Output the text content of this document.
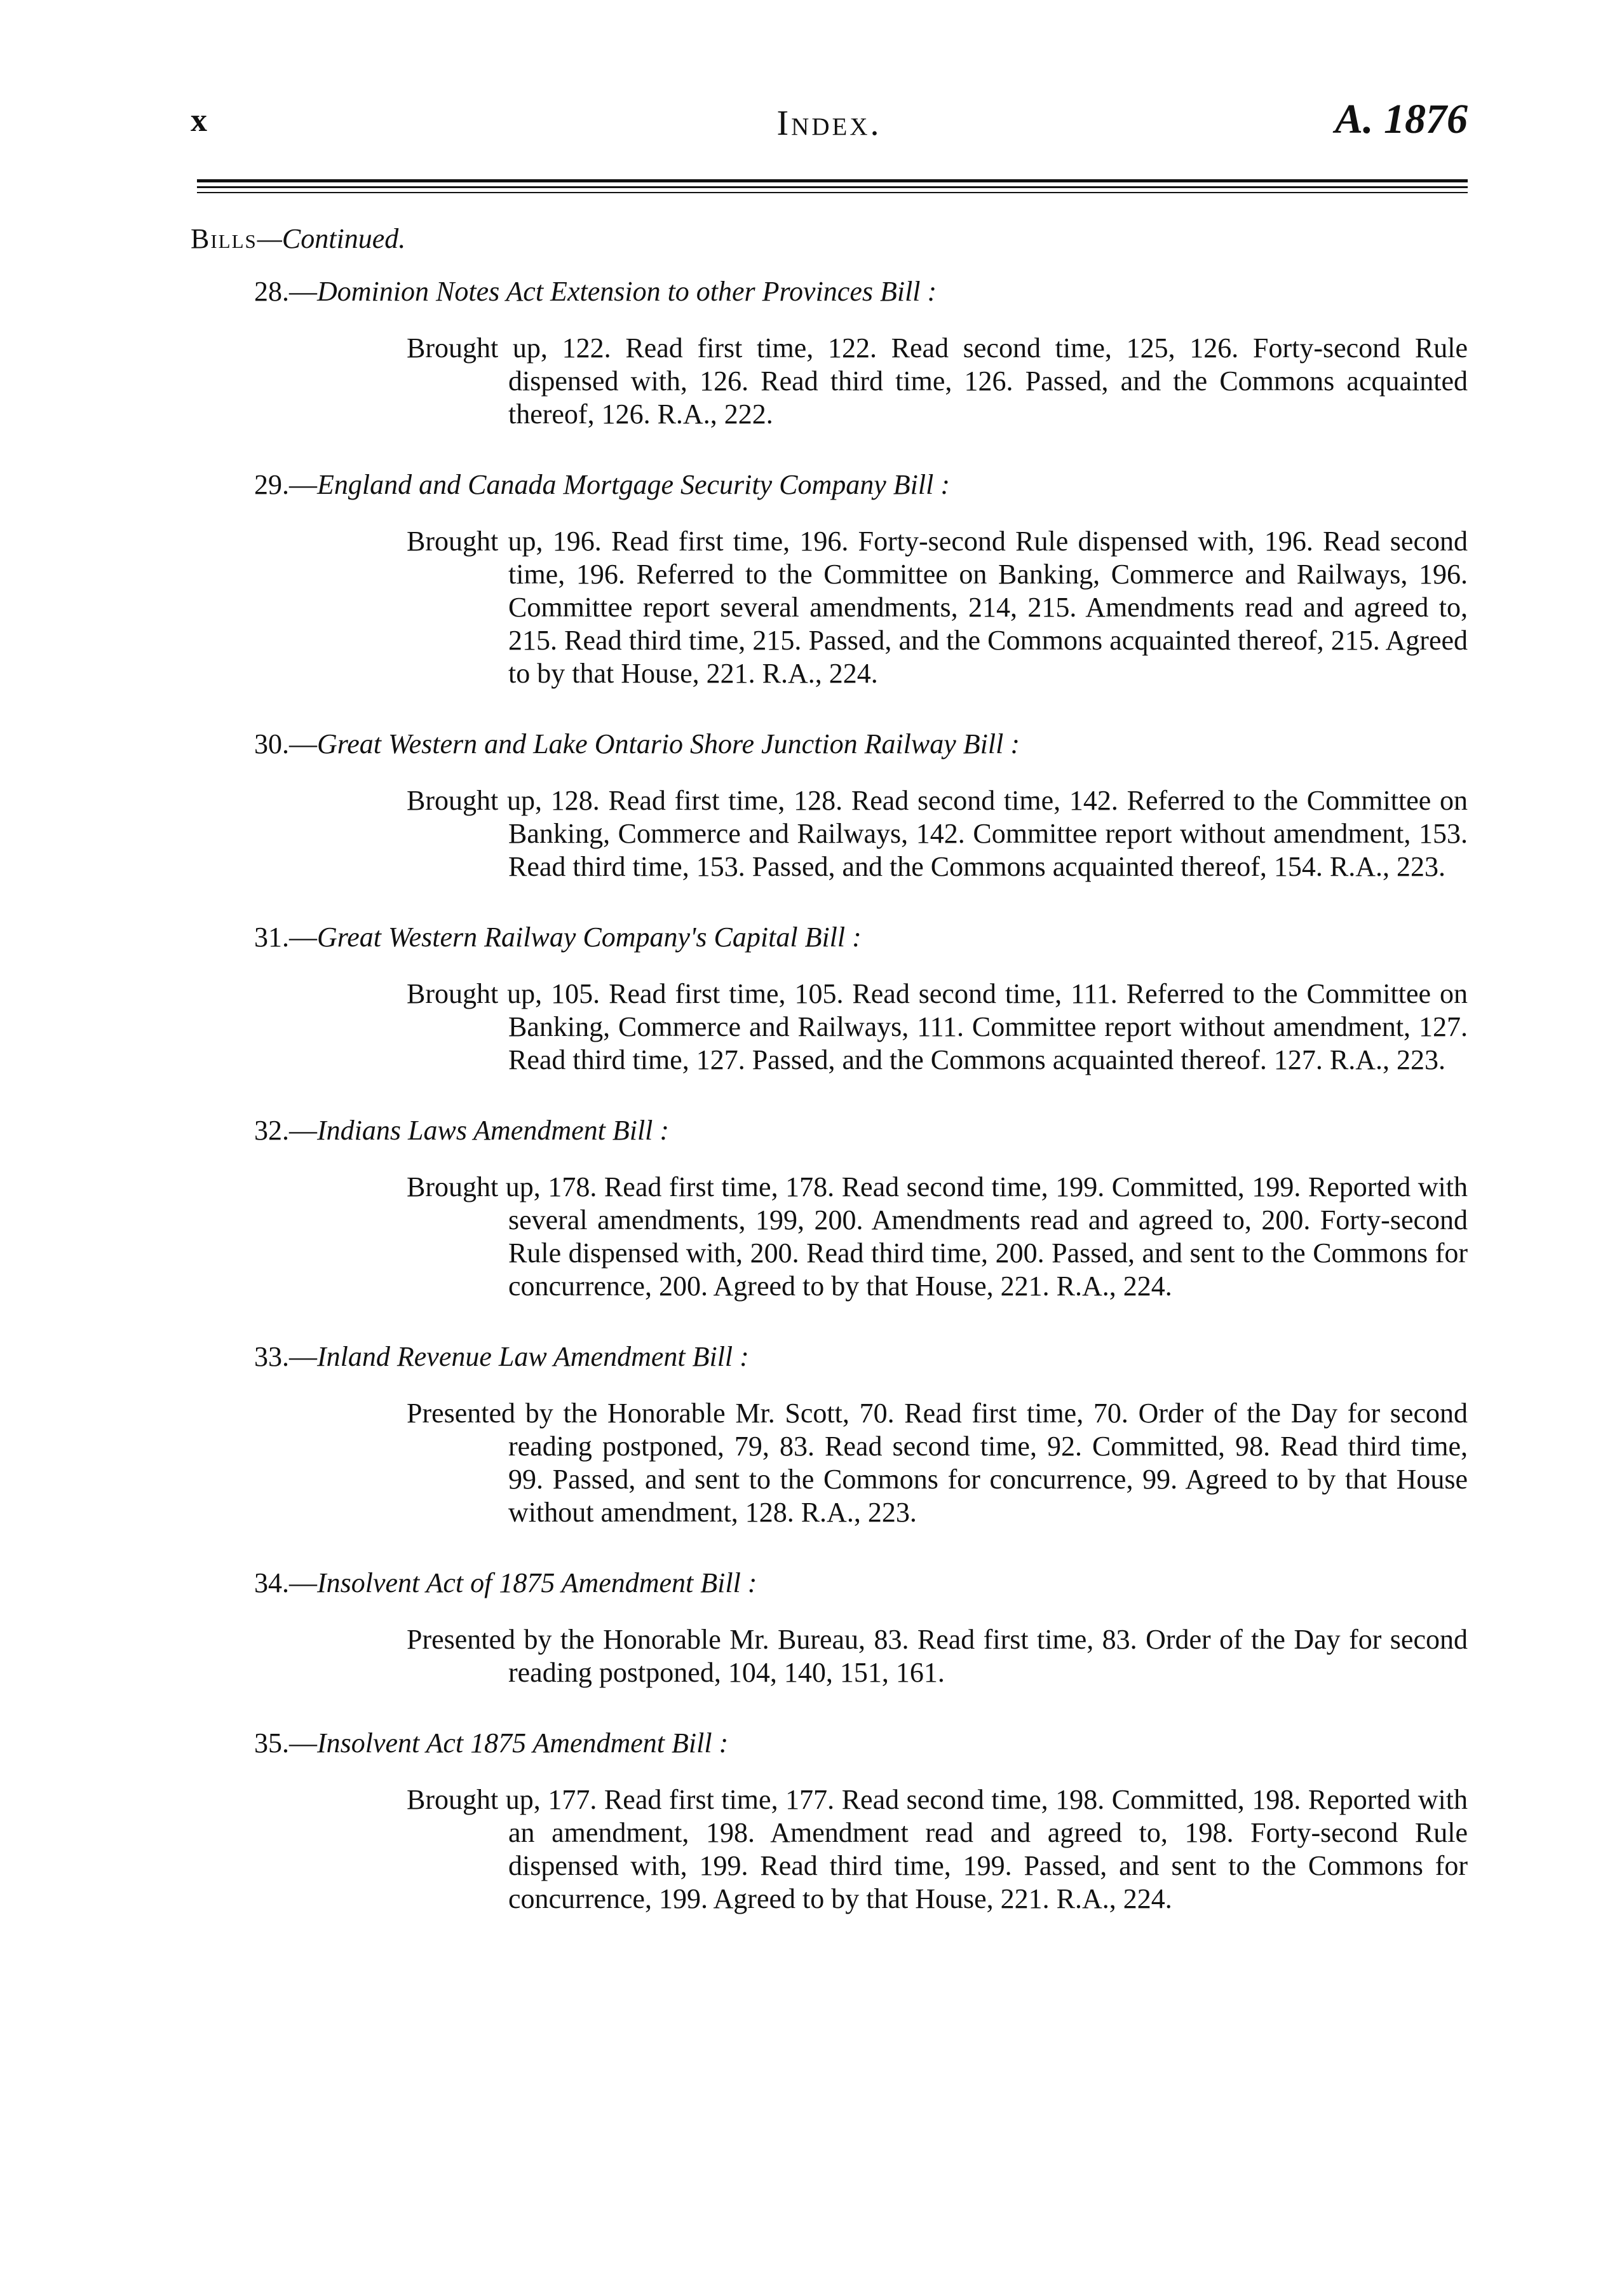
x	Index.	A. 1876
Bills—Continued.
28.—Dominion Notes Act Extension to other Provinces Bill :
Brought up, 122. Read first time, 122. Read second time, 125, 126. Forty-second Rule dispensed with, 126. Read third time, 126. Passed, and the Commons acquainted thereof, 126. R.A., 222.
29.—England and Canada Mortgage Security Company Bill :
Brought up, 196. Read first time, 196. Forty-second Rule dispensed with, 196. Read second time, 196. Referred to the Committee on Banking, Commerce and Railways, 196. Committee report several amendments, 214, 215. Amendments read and agreed to, 215. Read third time, 215. Passed, and the Commons acquainted thereof, 215. Agreed to by that House, 221. R.A., 224.
30.—Great Western and Lake Ontario Shore Junction Railway Bill :
Brought up, 128. Read first time, 128. Read second time, 142. Referred to the Committee on Banking, Commerce and Railways, 142. Committee report without amendment, 153. Read third time, 153. Passed, and the Commons acquainted thereof, 154. R.A., 223.
31.—Great Western Railway Company's Capital Bill :
Brought up, 105. Read first time, 105. Read second time, 111. Referred to the Committee on Banking, Commerce and Railways, 111. Committee report without amendment, 127. Read third time, 127. Passed, and the Commons acquainted thereof. 127. R.A., 223.
32.—Indians Laws Amendment Bill :
Brought up, 178. Read first time, 178. Read second time, 199. Committed, 199. Reported with several amendments, 199, 200. Amendments read and agreed to, 200. Forty-second Rule dispensed with, 200. Read third time, 200. Passed, and sent to the Commons for concurrence, 200. Agreed to by that House, 221. R.A., 224.
33.—Inland Revenue Law Amendment Bill :
Presented by the Honorable Mr. Scott, 70. Read first time, 70. Order of the Day for second reading postponed, 79, 83. Read second time, 92. Committed, 98. Read third time, 99. Passed, and sent to the Commons for concurrence, 99. Agreed to by that House without amendment, 128. R.A., 223.
34.—Insolvent Act of 1875 Amendment Bill :
Presented by the Honorable Mr. Bureau, 83. Read first time, 83. Order of the Day for second reading postponed, 104, 140, 151, 161.
35.—Insolvent Act 1875 Amendment Bill :
Brought up, 177. Read first time, 177. Read second time, 198. Committed, 198. Reported with an amendment, 198. Amendment read and agreed to, 198. Forty-second Rule dispensed with, 199. Read third time, 199. Passed, and sent to the Commons for concurrence, 199. Agreed to by that House, 221. R.A., 224.
